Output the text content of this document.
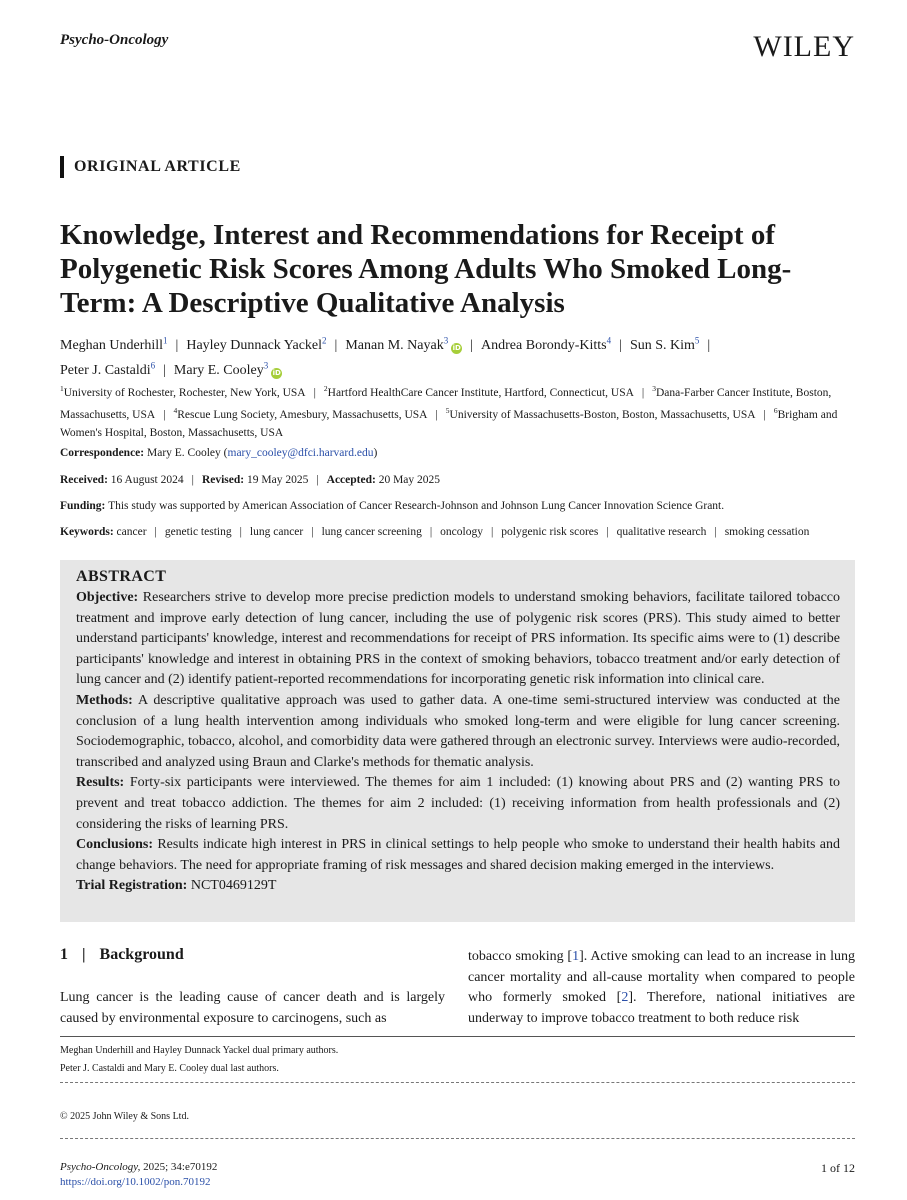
Psycho-Oncology	WILEY
ORIGINAL ARTICLE
Knowledge, Interest and Recommendations for Receipt of Polygenetic Risk Scores Among Adults Who Smoked Long-Term: A Descriptive Qualitative Analysis
Meghan Underhill$^1$ | Hayley Dunnack Yackel$^2$ | Manan M. Nayak$^3$iD | Andrea Borondy-Kitts$^4$ | Sun S. Kim$^5$ |
Peter J. Castaldi$^6$ | Mary E. Cooley$^3$iD
$^1$University of Rochester, Rochester, New York, USA | $^2$Hartford HealthCare Cancer Institute, Hartford, Connecticut, USA | $^3$Dana-Farber Cancer Institute, Boston, Massachusetts, USA | $^4$Rescue Lung Society, Amesbury, Massachusetts, USA | $^5$University of Massachusetts-Boston, Boston, Massachusetts, USA | $^6$Brigham and Women's Hospital, Boston, Massachusetts, USA
Correspondence: Mary E. Cooley (mary_cooley@dfci.harvard.edu)
Received: 16 August 2024 | Revised: 19 May 2025 | Accepted: 20 May 2025
Funding: This study was supported by American Association of Cancer Research-Johnson and Johnson Lung Cancer Innovation Science Grant.
Keywords: cancer | genetic testing | lung cancer | lung cancer screening | oncology | polygenic risk scores | qualitative research | smoking cessation
ABSTRACT

Objective: Researchers strive to develop more precise prediction models to understand smoking behaviors, facilitate tailored tobacco treatment and improve early detection of lung cancer, including the use of polygenic risk scores (PRS). This study aimed to better understand participants' knowledge, interest and recommendations for receipt of PRS information. Its specific aims were to (1) describe participants' knowledge and interest in obtaining PRS in the context of smoking behaviors, tobacco treatment and/or early detection of lung cancer and (2) identify patient-reported recommendations for incorporating genetic risk information into clinical care.

Methods: A descriptive qualitative approach was used to gather data. A one-time semi-structured interview was conducted at the conclusion of a lung health intervention among individuals who smoked long-term and were eligible for lung cancer screening. Sociodemographic, tobacco, alcohol, and comorbidity data were gathered through an electronic survey. Interviews were audio-recorded, transcribed and analyzed using Braun and Clarke's methods for thematic analysis.

Results: Forty-six participants were interviewed. The themes for aim 1 included: (1) knowing about PRS and (2) wanting PRS to prevent and treat tobacco addiction. The themes for aim 2 included: (1) receiving information from health professionals and (2) considering the risks of learning PRS.

Conclusions: Results indicate high interest in PRS in clinical settings to help people who smoke to understand their health habits and change behaviors. The need for appropriate framing of risk messages and shared decision making emerged in the interviews.

Trial Registration: NCT0469129T

1 | Background
Lung cancer is the leading cause of cancer death and is largely caused by environmental exposure to carcinogens, such as
tobacco smoking [1]. Active smoking can lead to an increase in lung cancer mortality and all-cause mortality when compared to people who formerly smoked [2]. Therefore, national initiatives are underway to improve tobacco treatment to both reduce risk
Meghan Underhill and Hayley Dunnack Yackel dual primary authors.
Peter J. Castaldi and Mary E. Cooley dual last authors.
© 2025 John Wiley & Sons Ltd.
Psycho-Oncology, 2025; 34:e70192
https://doi.org/10.1002/pon.70192
1 of 12
